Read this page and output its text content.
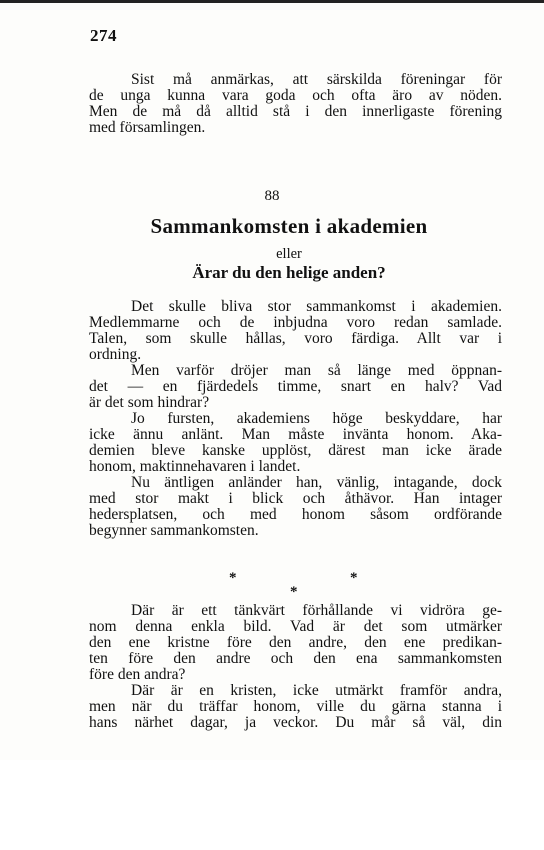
274
Sist må anmärkas, att särskilda föreningar för
de unga kunna vara goda och ofta äro av nöden.
Men de må då alltid stå i den innerligaste förening
med församlingen.
88
Sammankomsten i akademien
eller
Ärar du den helige anden?
Det skulle bliva stor sammankomst i akademien.
Medlemmarne och de inbjudna voro redan samlade.
Talen, som skulle hållas, voro färdiga. Allt var i
ordning.
Men varför dröjer man så länge med öppnan-
det — en fjärdedels timme, snart en halv? Vad
är det som hindrar?
Jo fursten, akademiens höge beskyddare, har
icke ännu anlänt. Man måste invänta honom. Aka-
demien bleve kanske upplöst, därest man icke ärade
honom, maktinnehavaren i landet.
Nu äntligen anländer han, vänlig, intagande, dock
med stor makt i blick och åthävor. Han intager
hedersplatsen, och med honom såsom ordförande
begynner sammankomsten.
*
*
*
Där är ett tänkvärt förhållande vi vidröra ge-
nom denna enkla bild. Vad är det som utmärker
den ene kristne före den andre, den ene predikan-
ten före den andre och den ena sammankomsten
före den andra?
Där är en kristen, icke utmärkt framför andra,
men när du träffar honom, ville du gärna stanna i
hans närhet dagar, ja veckor. Du mår så väl, din
